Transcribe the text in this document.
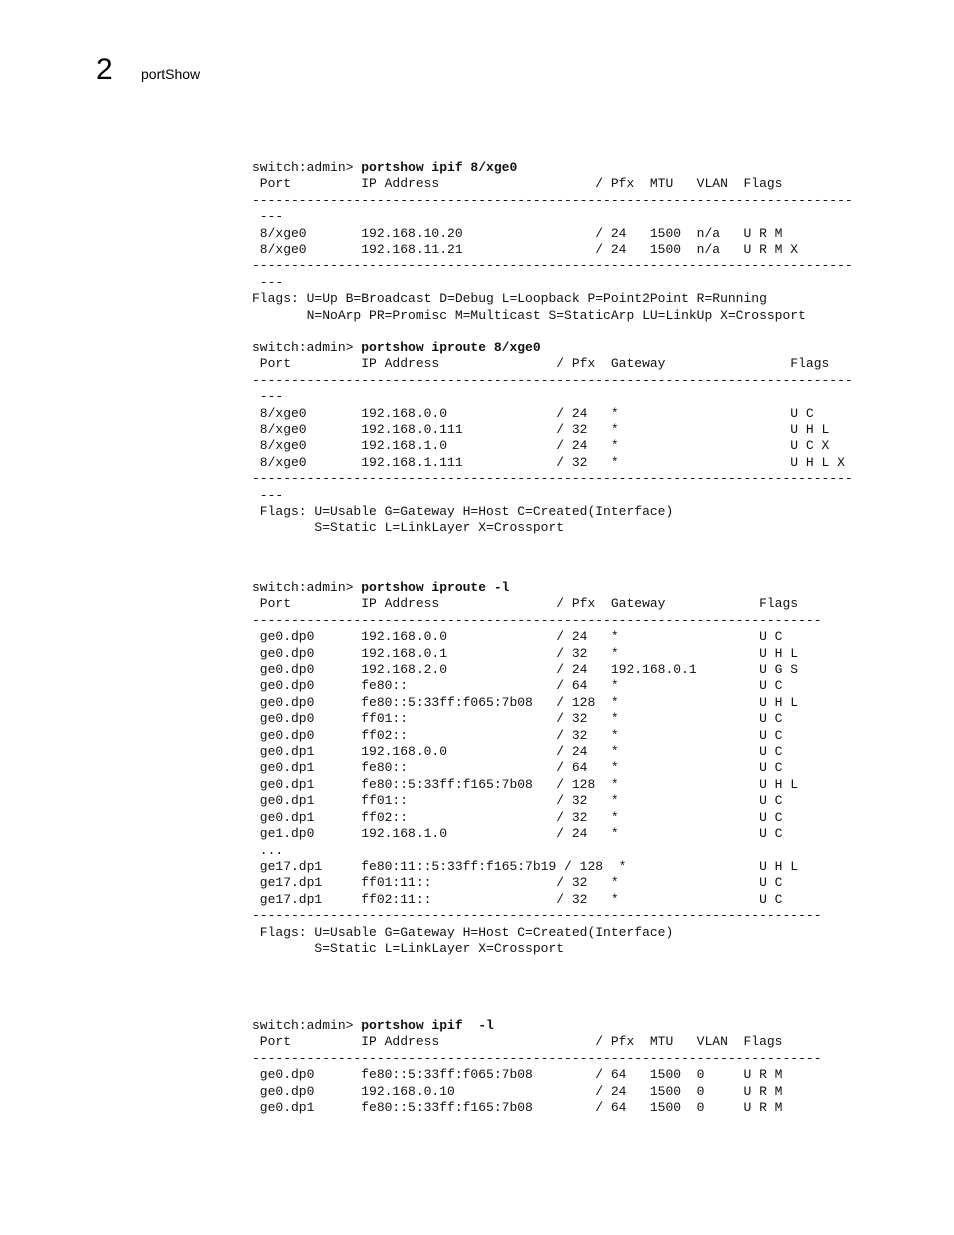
2 portShow
switch:admin> portshow ipif 8/xge0
Port         IP Address                    / Pfx  MTU   VLAN  Flags
-----------------------------------------------------------------------------
---
8/xge0       192.168.10.20                 / 24   1500  n/a   U R M
8/xge0       192.168.11.21                 / 24   1500  n/a   U R M X
-----------------------------------------------------------------------------
---
Flags: U=Up B=Broadcast D=Debug L=Loopback P=Point2Point R=Running
N=NoArp PR=Promisc M=Multicast S=StaticArp LU=LinkUp X=Crossport
switch:admin> portshow iproute 8/xge0
Port         IP Address               / Pfx  Gateway                Flags
-----------------------------------------------------------------------------
---
8/xge0       192.168.0.0              / 24   *                      U C
8/xge0       192.168.0.111            / 32   *                      U H L
8/xge0       192.168.1.0              / 24   *                      U C X
8/xge0       192.168.1.111            / 32   *                      U H L X
-----------------------------------------------------------------------------
---
Flags: U=Usable G=Gateway H=Host C=Created(Interface)
S=Static L=LinkLayer X=Crossport
switch:admin> portshow iproute -l
Port         IP Address               / Pfx  Gateway            Flags
-------------------------------------------------------------------------
ge0.dp0      192.168.0.0              / 24   *                  U C
ge0.dp0      192.168.0.1              / 32   *                  U H L
ge0.dp0      192.168.2.0              / 24   192.168.0.1        U G S
ge0.dp0      fe80::                   / 64   *                  U C
ge0.dp0      fe80::5:33ff:f065:7b08   / 128  *                  U H L
ge0.dp0      ff01::                   / 32   *                  U C
ge0.dp0      ff02::                   / 32   *                  U C
ge0.dp1      192.168.0.0              / 24   *                  U C
ge0.dp1      fe80::                   / 64   *                  U C
ge0.dp1      fe80::5:33ff:f165:7b08   / 128  *                  U H L
ge0.dp1      ff01::                   / 32   *                  U C
ge0.dp1      ff02::                   / 32   *                  U C
ge1.dp0      192.168.1.0              / 24   *                  U C
...
ge17.dp1     fe80:11::5:33ff:f165:7b19 / 128  *                 U H L
ge17.dp1     ff01:11::                / 32   *                  U C
ge17.dp1     ff02:11::                / 32   *                  U C
-------------------------------------------------------------------------
Flags: U=Usable G=Gateway H=Host C=Created(Interface)
S=Static L=LinkLayer X=Crossport
switch:admin> portshow ipif  -l
Port         IP Address                    / Pfx  MTU   VLAN  Flags
-------------------------------------------------------------------------
ge0.dp0      fe80::5:33ff:f065:7b08        / 64   1500  0     U R M
ge0.dp0      192.168.0.10                  / 24   1500  0     U R M
ge0.dp1      fe80::5:33ff:f165:7b08        / 64   1500  0     U R M
